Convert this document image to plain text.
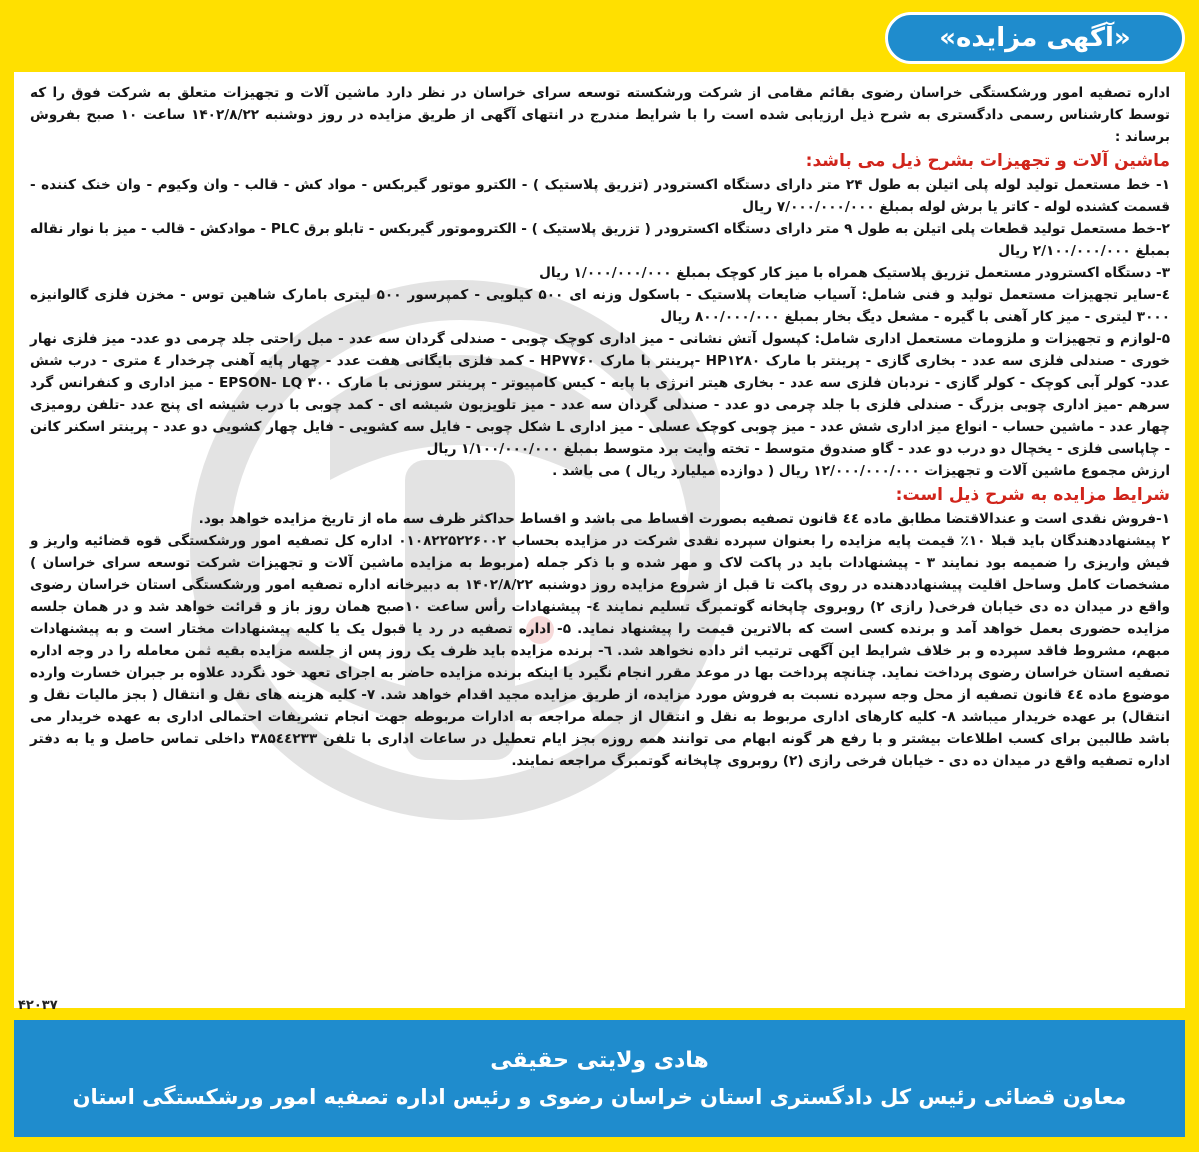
«آگهی مزایده»

اداره تصفیه امور ورشکستگی خراسان رضوی بقائم مقامی از شرکت ورشکسته توسعه سرای خراسان در نظر دارد ماشین آلات و تجهیزات متعلق به شرکت فوق را که توسط کارشناس رسمی دادگستری به شرح ذیل ارزیابی شده است را با شرایط مندرج در انتهای آگهی از طریق مزایده در روز دوشنبه ۱۴۰۲/۸/۲۲ ساعت ۱۰ صبح بفروش برساند :

ماشین آلات و تجهیزات بشرح ذیل می باشد:

۱- خط مستعمل تولید لوله پلی اتیلن به طول ۲۴ متر دارای دستگاه اکسترودر (تزریق پلاستیک ) - الکترو موتور گیربکس - مواد کش - قالب - وان وکیوم - وان خنک کننده - قسمت کشنده لوله - کاتر یا برش لوله بمبلغ ۷/۰۰۰/۰۰۰/۰۰۰ ریال

۲-خط مستعمل تولید قطعات پلی اتیلن به طول ۹ متر دارای دستگاه اکسترودر ( تزریق پلاستیک ) - الکتروموتور گیربکس - تابلو برق PLC - موادکش - قالب - میز با نوار نقاله بمبلغ ۲/۱۰۰/۰۰۰/۰۰۰ ریال

۳- دستگاه اکسترودر مستعمل تزریق پلاستیک همراه با میز کار کوچک بمبلغ ۱/۰۰۰/۰۰۰/۰۰۰ ریال

٤-سایر تجهیزات مستعمل تولید و فنی شامل: آسیاب ضایعات پلاستیک - باسکول وزنه ای ۵۰۰ کیلویی - کمپرسور ۵۰۰ لیتری بامارک شاهین توس - مخزن فلزی گالوانیزه ۳۰۰۰ لیتری - میز کار آهنی با گیره - مشعل دیگ بخار بمبلغ ۸۰۰/۰۰۰/۰۰۰ ریال

۵-لوازم و تجهیزات و ملزومات مستعمل اداری شامل: کپسول آتش نشانی - میز اداری کوچک چوبی - صندلی گردان سه عدد - مبل راحتی جلد چرمی دو عدد- میز فلزی نهار خوری - صندلی فلزی سه عدد - بخاری گازی - پرینتر با مارک HP۱۲۸۰ -پرینتر با مارک HP۷۷۶۰ - کمد فلزی بایگانی هفت عدد - چهار پایه آهنی چرخدار ٤ متری - درب شش عدد- کولر آبی کوچک - کولر گازی - نردبان فلزی سه عدد - بخاری هیتر انرژی با پایه - کیس کامپیوتر - پرینتر سوزنی با مارک EPSON- LQ ۳۰۰ - میز اداری و کنفرانس گرد سرهم -میز اداری چوبی بزرگ - صندلی فلزی با جلد چرمی دو عدد - صندلی گردان سه عدد - میز تلویزیون شیشه ای - کمد چوبی با درب شیشه ای پنج عدد -تلفن رومیزی چهار عدد - ماشین حساب - انواع میز اداری شش عدد - میز چوبی کوچک عسلی - میز اداری L شکل چوبی - فایل سه کشویی - فایل چهار کشویی دو عدد - پرینتر اسکنر کانن - چاپاسی فلزی - یخچال دو درب دو عدد - گاو صندوق متوسط - تخته وایت برد متوسط بمبلغ ۱/۱۰۰/۰۰۰/۰۰۰ ریال

ارزش مجموع ماشین آلات و تجهیزات ۱۲/۰۰۰/۰۰۰/۰۰۰ ریال ( دوازده میلیارد ریال ) می باشد .

شرایط مزایده به شرح ذیل است:

۱-فروش نقدی است و عندالاقتضا مطابق ماده ٤٤ قانون تصفیه بصورت اقساط می باشد و اقساط حداکثر ظرف سه ماه از تاریخ مزایده خواهد بود.

۲ پیشنهاددهندگان باید قبلا ۱۰٪ قیمت پایه مزایده را بعنوان سپرده نقدی شرکت در مزایده بحساب ۰۱۰۸۲۲۵۲۲۶۰۰۲ اداره کل تصفیه امور ورشکستگی قوه قضائیه واریز و فیش واریزی را ضمیمه بود نمایند ۳ - پیشنهادات باید در پاکت لاک و مهر شده و با ذکر جمله (مربوط به مزایده ماشین آلات و تجهیزات شرکت توسعه سرای خراسان ) مشخصات کامل وساحل اقلیت پیشنهاددهنده در روی پاکت تا قبل از شروع مزایده روز دوشنبه ۱۴۰۲/۸/۲۲ به دبیرخانه اداره تصفیه امور ورشکستگی استان خراسان رضوی واقع در میدان ده دی خیابان فرخی( رازی ۲) روبروی چاپخانه گوتمبرگ تسلیم نمایند ٤- پیشنهادات رأس ساعت ۱۰صبح همان روز باز و قرائت خواهد شد و در همان جلسه مزایده حضوری بعمل خواهد آمد و برنده کسی است که بالاترین قیمت را پیشنهاد نماید. ۵- اداره تصفیه در رد یا قبول یک یا کلیه پیشنهادات مختار است و به پیشنهادات مبهم، مشروط فاقد سپرده و بر خلاف شرایط این آگهی ترتیب اثر داده نخواهد شد. ٦- برنده مزایده باید ظرف یک روز پس از جلسه مزایده بقیه ثمن معامله را در وجه اداره تصفیه استان خراسان رضوی پرداخت نماید. چنانچه پرداخت بها در موعد مقرر انجام نگیرد یا اینکه برنده مزایده حاضر به اجرای تعهد خود نگردد علاوه بر جبران خسارت وارده موضوع ماده ٤٤ قانون تصفیه از محل وجه سپرده نسبت به فروش مورد مزایده، از طریق مزایده مجید اقدام خواهد شد. ۷- کلیه هزینه های نقل و انتقال ( بجز مالیات نقل و انتقال) بر عهده خریدار میباشد ۸- کلیه کارهای اداری مربوط به نقل و انتقال از جمله مراجعه به ادارات مربوطه جهت انجام تشریفات احتمالی اداری به عهده خریدار می باشد طالبین برای کسب اطلاعات بیشتر و با رفع هر گونه ابهام می توانند همه روزه بجز ایام تعطیل در ساعات اداری با تلفن ۳۸۵٤٤۲۳۳ داخلی تماس حاصل و یا به دفتر اداره تصفیه واقع در میدان ده دی - خیابان فرخی رازی (۲) روبروی چاپخانه گوتمبرگ مراجعه نمایند.

۴۲۰۳۷
هادی ولایتی حقیقی
معاون قضائی رئیس کل دادگستری استان خراسان رضوی و رئیس اداره تصفیه امور ورشکستگی استان
